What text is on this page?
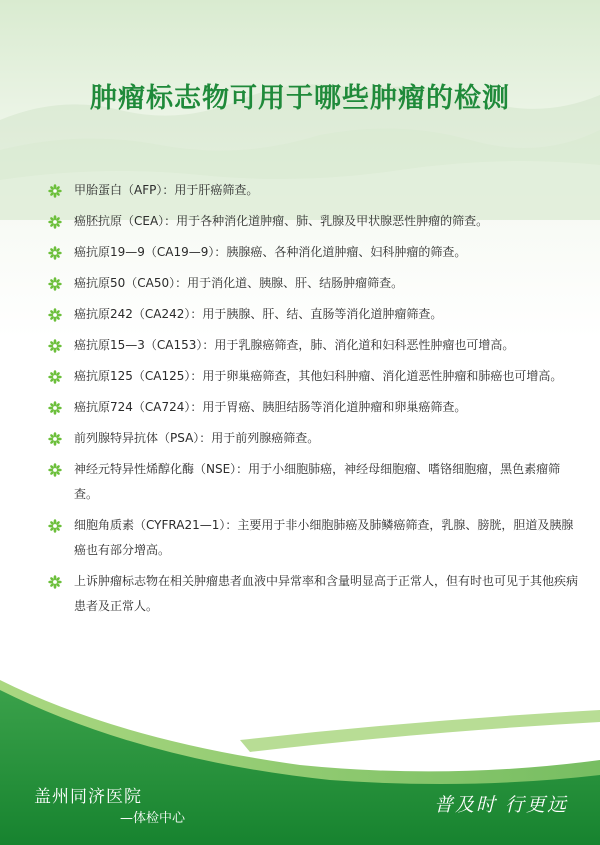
肿瘤标志物可用于哪些肿瘤的检测
甲胎蛋白（AFP）：用于肝癌筛查。
癌胚抗原（CEA）：用于各种消化道肿瘤、肺、乳腺及甲状腺恶性肿瘤的筛查。
癌抗原19—9（CA19—9）：胰腺癌、各种消化道肿瘤、妇科肿瘤的筛查。
癌抗原50（CA50）：用于消化道、胰腺、肝、结肠肿瘤筛查。
癌抗原242（CA242）：用于胰腺、肝、结、直肠等消化道肿瘤筛查。
癌抗原15—3（CA153）：用于乳腺癌筛查，肺、消化道和妇科恶性肿瘤也可增高。
癌抗原125（CA125）：用于卵巢癌筛查，其他妇科肿瘤、消化道恶性肿瘤和肺癌也可增高。
癌抗原724（CA724）：用于胃癌、胰胆结肠等消化道肿瘤和卵巢癌筛查。
前列腺特异抗体（PSA）：用于前列腺癌筛查。
神经元特异性烯醇化酶（NSE）：用于小细胞肺癌，神经母细胞瘤、嗜铬细胞瘤，黑色素瘤筛查。
细胞角质素（CYFRA21—1）：主要用于非小细胞肺癌及肺鳞癌筛查，乳腺、膀胱，胆道及胰腺癌也有部分增高。
上诉肿瘤标志物在相关肿瘤患者血液中异常率和含量明显高于正常人，但有时也可见于其他疾病患者及正常人。
盖州同济医院
—体检中心
普及时 行更远
